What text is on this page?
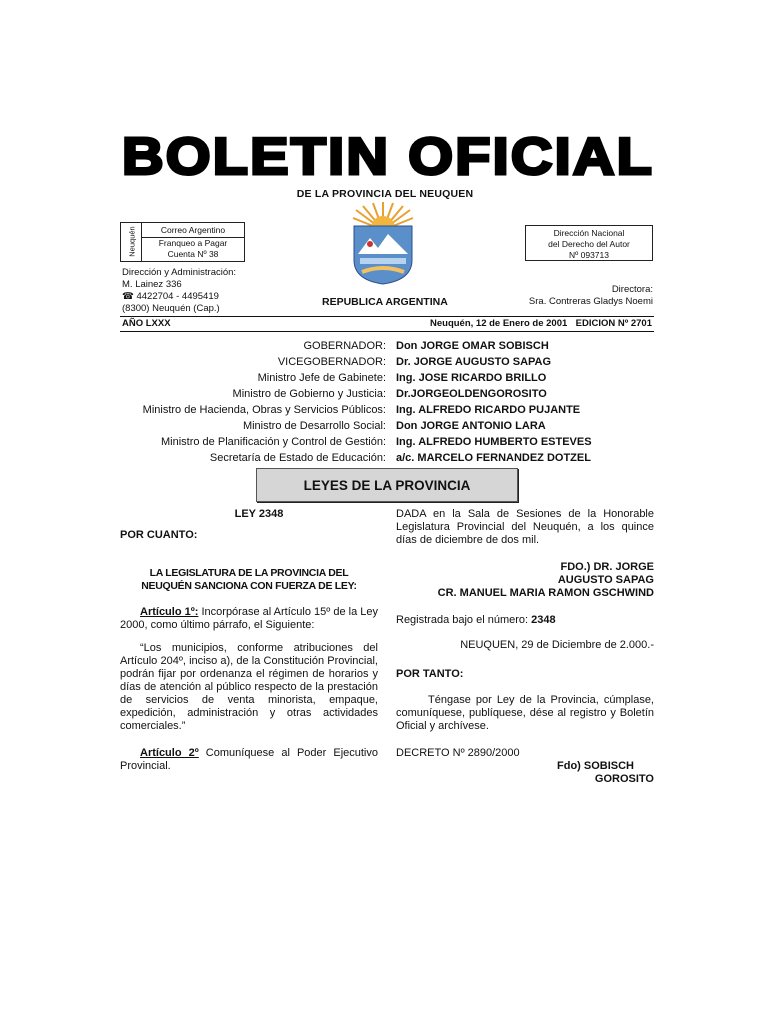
BOLETIN OFICIAL
DE LA PROVINCIA DEL NEUQUEN
Neuquén	Correo Argentino
Franqueo a Pagar
Cuenta Nº 38
Dirección Nacional
del Derecho del Autor
Nº 093713
Dirección y Administración:
M. Lainez 336
☎ 4422704 - 4495419
(8300) Neuquén (Cap.)
REPUBLICA ARGENTINA
Directora:
Sra. Contreras Gladys Noemi
AÑO LXXX	Neuquén, 12 de Enero de 2001 EDICION Nº 2701
GOBERNADOR: Don JORGE OMAR SOBISCH
VICEGOBERNADOR: Dr. JORGE AUGUSTO SAPAG
Ministro Jefe de Gabinete: Ing. JOSE RICARDO BRILLO
Ministro de Gobierno y Justicia: Dr.JORGEOLDENGOROSITO
Ministro de Hacienda, Obras y Servicios Públicos: Ing. ALFREDO RICARDO PUJANTE
Ministro de Desarrollo Social: Don JORGE ANTONIO LARA
Ministro de Planificación y Control de Gestión: Ing. ALFREDO HUMBERTO ESTEVES
Secretaría de Estado de Educación: a/c. MARCELO FERNANDEZ DOTZEL
LEYES DE LA PROVINCIA

LEY 2348

POR CUANTO:

LA LEGISLATURA DE LA PROVINCIA DEL NEUQUÉN SANCIONA CON FUERZA DE LEY:

Artículo 1º: Incorpórase al Artículo 15º de la Ley 2000, como último párrafo, el Siguiente:

“Los municipios, conforme atribuciones del Artículo 204º, inciso a), de la Constitución Provincial, podrán fijar por ordenanza el régimen de horarios y días de atención al público respecto de la prestación de servicios de venta minorista, empaque, expedición, administración y otras actividades comerciales.”

Artículo 2º Comuníquese al Poder Ejecutivo Provincial.

DADA en la Sala de Sesiones de la Honorable Legislatura Provincial del Neuquén, a los quince días de diciembre de dos mil.

FDO.) DR. JORGE
AUGUSTO SAPAG
CR. MANUEL MARIA RAMON GSCHWIND

Registrada bajo el número: 2348

NEUQUEN, 29 de Diciembre de 2.000.-

POR TANTO:

Téngase por Ley de la Provincia, cúmplase, comuníquese, publíquese, dése al registro y Boletín Oficial y archívese.

DECRETO Nº 2890/2000

Fdo) SOBISCH
GOROSITO
